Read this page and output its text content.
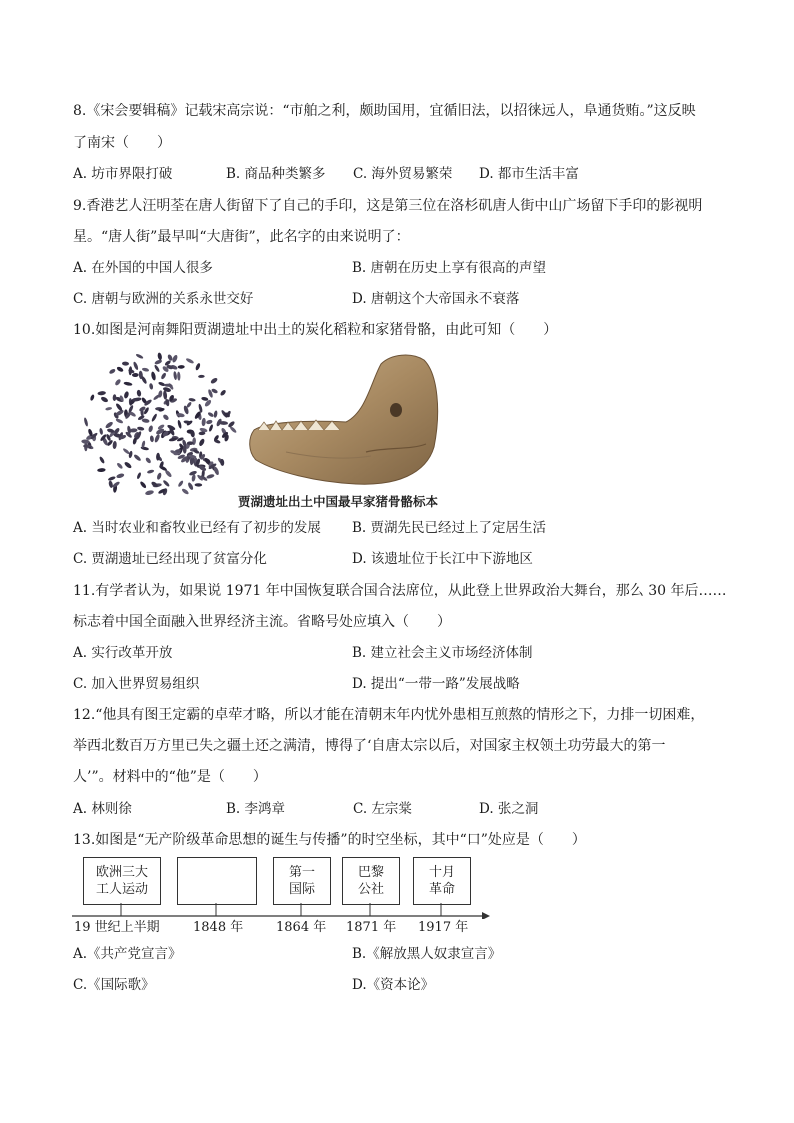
8.《宋会要辑稿》记载宋高宗说：“市舶之利，颇助国用，宜循旧法，以招徕远人，阜通货贿。”这反映
了南宋（　　）
A. 坊市界限打破	B. 商品种类繁多 C. 海外贸易繁荣 D. 都市生活丰富
9.香港艺人汪明荃在唐人街留下了自己的手印，这是第三位在洛杉矶唐人街中山广场留下手印的影视明
星。“唐人街”最早叫“大唐街”，此名字的由来说明了：
A. 在外国的中国人很多	B. 唐朝在历史上享有很高的声望
C. 唐朝与欧洲的关系永世交好	D. 唐朝这个大帝国永不衰落
10.如图是河南舞阳贾湖遗址中出土的炭化稻粒和家猪骨骼，由此可知（　　）
贾湖遗址出土中国最早家猪骨骼标本
A. 当时农业和畜牧业已经有了初步的发展 B. 贾湖先民已经过上了定居生活
C. 贾湖遗址已经出现了贫富分化	D. 该遗址位于长江中下游地区
11.有学者认为，如果说 1971 年中国恢复联合国合法席位，从此登上世界政治大舞台，那么 30 年后……
标志着中国全面融入世界经济主流。省略号处应填入（　　）
A. 实行改革开放	B. 建立社会主义市场经济体制
C. 加入世界贸易组织	D. 提出“一带一路”发展战略
12.“他具有图王定霸的卓荦才略，所以才能在清朝末年内忧外患相互煎熬的情形之下，力排一切困难，
举西北数百万方里已失之疆土还之满清，博得了‘自唐太宗以后，对国家主权领土功劳最大的第一
人’”。材料中的“他”是（　　）
A. 林则徐	B. 李鸿章	C. 左宗棠	D. 张之洞
13.如图是“无产阶级革命思想的诞生与传播”的时空坐标，其中“口”处应是（　　）
欧洲三大
工人运动
第一
国际
巴黎
公社
十月
革命
19 世纪上半期	1848 年	1864 年 1871 年 1917 年
A.《共产党宣言》	B.《解放黑人奴隶宣言》
C.《国际歌》	D.《资本论》
